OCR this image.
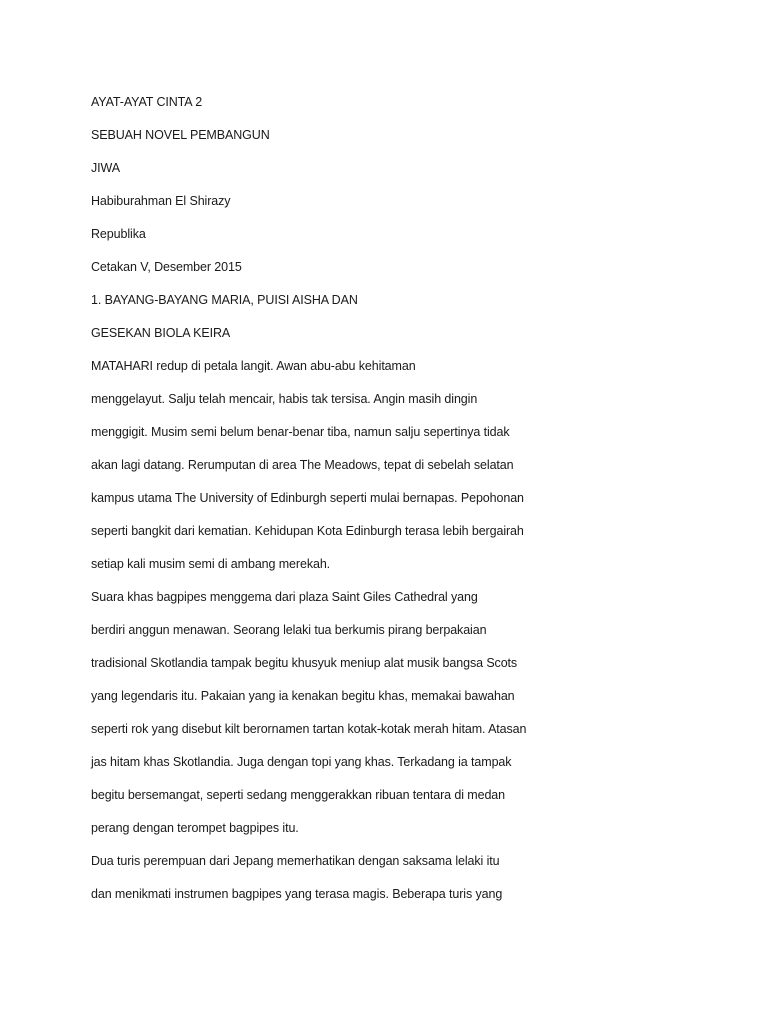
AYAT-AYAT CINTA 2
SEBUAH NOVEL PEMBANGUN
JIWA
Habiburahman El Shirazy
Republika
Cetakan V, Desember 2015
1. BAYANG-BAYANG MARIA, PUISI AISHA DAN
GESEKAN BIOLA KEIRA
MATAHARI redup di petala langit. Awan abu-abu kehitaman
menggelayut. Salju telah mencair, habis tak tersisa. Angin masih dingin
menggigit. Musim semi belum benar-benar tiba, namun salju sepertinya tidak
akan lagi datang. Rerumputan di area The Meadows, tepat di sebelah selatan
kampus utama The University of Edinburgh seperti mulai bernapas. Pepohonan
seperti bangkit dari kematian. Kehidupan Kota Edinburgh terasa lebih bergairah
setiap kali musim semi di ambang merekah.
Suara khas bagpipes menggema dari plaza Saint Giles Cathedral yang
berdiri anggun menawan. Seorang lelaki tua berkumis pirang berpakaian
tradisional Skotlandia tampak begitu khusyuk meniup alat musik bangsa Scots
yang legendaris itu. Pakaian yang ia kenakan begitu khas, memakai bawahan
seperti rok yang disebut kilt berornamen tartan kotak-kotak merah hitam. Atasan
jas hitam khas Skotlandia. Juga dengan topi yang khas. Terkadang ia tampak
begitu bersemangat, seperti sedang menggerakkan ribuan tentara di medan
perang dengan terompet bagpipes itu.
Dua turis perempuan dari Jepang memerhatikan dengan saksama lelaki itu
dan menikmati instrumen bagpipes yang terasa magis. Beberapa turis yang
